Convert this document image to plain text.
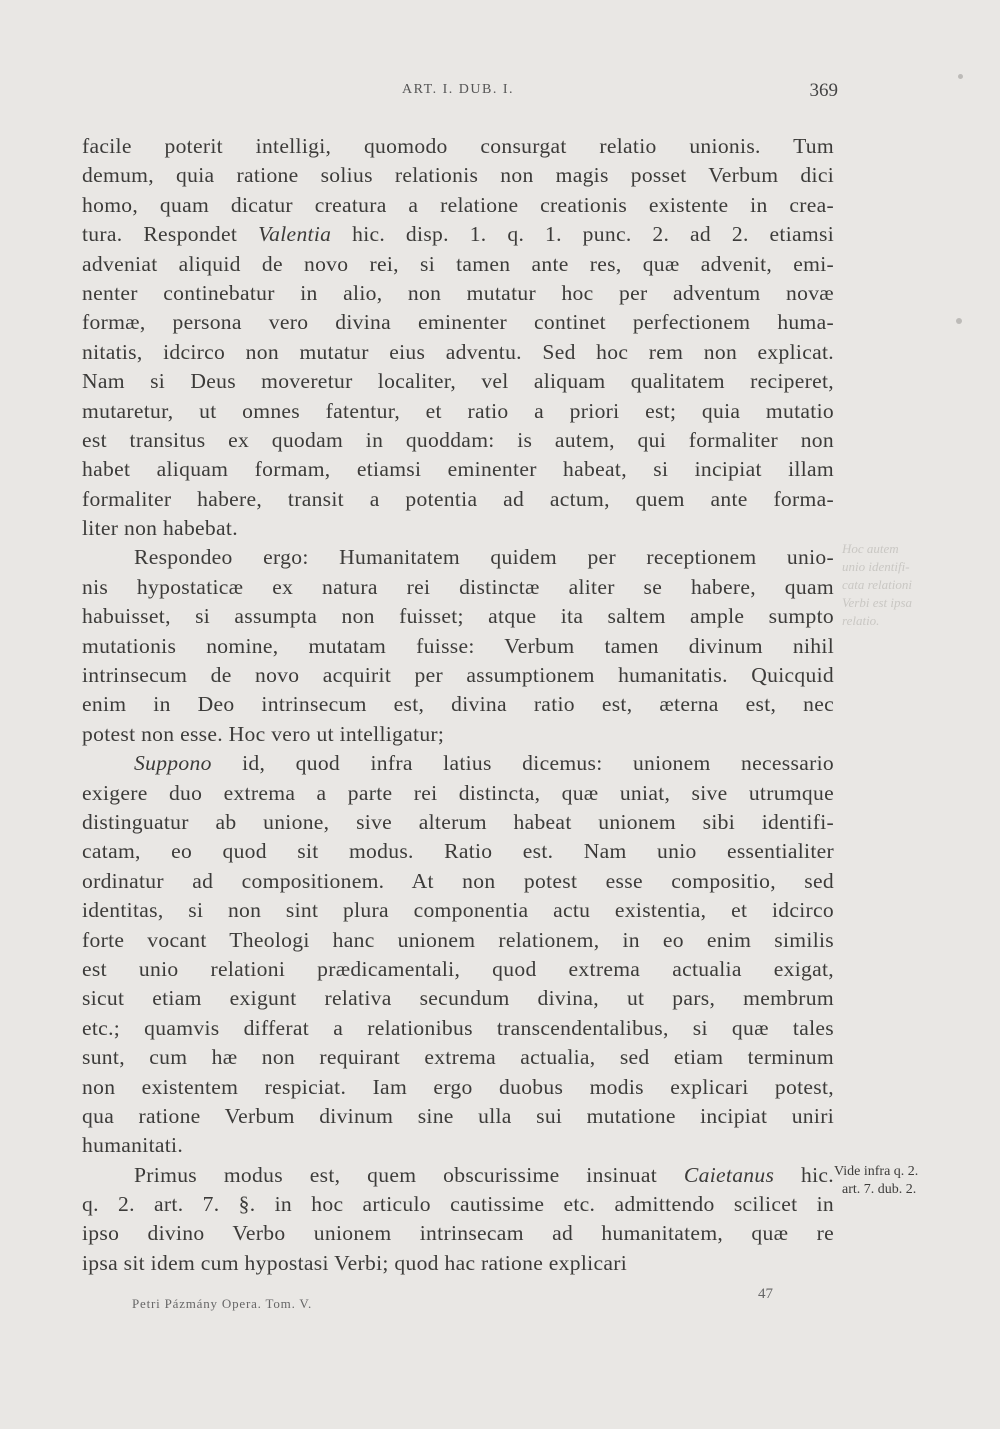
ART. I. DUB. I.	369
facile poterit intelligi, quomodo consurgat relatio unionis. Tum
demum, quia ratione solius relationis non magis posset Verbum dici
homo, quam dicatur creatura a relatione creationis existente in crea-
tura. Respondet Valentia hic. disp. 1. q. 1. punc. 2. ad 2. etiamsi
adveniat aliquid de novo rei, si tamen ante res, quæ advenit, emi-
nenter continebatur in alio, non mutatur hoc per adventum novæ
formæ, persona vero divina eminenter continet perfectionem huma-
nitatis, idcirco non mutatur eius adventu. Sed hoc rem non explicat.
Nam si Deus moveretur localiter, vel aliquam qualitatem reciperet,
mutaretur, ut omnes fatentur, et ratio a priori est; quia mutatio
est transitus ex quodam in quoddam: is autem, qui formaliter non
habet aliquam formam, etiamsi eminenter habeat, si incipiat illam
formaliter habere, transit a potentia ad actum, quem ante forma-
liter non habebat.
Respondeo ergo: Humanitatem quidem per receptionem unio-
nis hypostaticæ ex natura rei distinctæ aliter se habere, quam
habuisset, si assumpta non fuisset; atque ita saltem ample sumpto
mutationis nomine, mutatam fuisse: Verbum tamen divinum nihil
intrinsecum de novo acquirit per assumptionem humanitatis. Quicquid
enim in Deo intrinsecum est, divina ratio est, æterna est, nec
potest non esse. Hoc vero ut intelligatur;
Suppono id, quod infra latius dicemus: unionem necessario
exigere duo extrema a parte rei distincta, quæ uniat, sive utrumque
distinguatur ab unione, sive alterum habeat unionem sibi identifi-
catam, eo quod sit modus. Ratio est. Nam unio essentialiter
ordinatur ad compositionem. At non potest esse compositio, sed
identitas, si non sint plura componentia actu existentia, et idcirco
forte vocant Theologi hanc unionem relationem, in eo enim similis
est unio relationi prædicamentali, quod extrema actualia exigat,
sicut etiam exigunt relativa secundum divina, ut pars, membrum
etc.; quamvis differat a relationibus transcendentalibus, si quæ tales
sunt, cum hæ non requirant extrema actualia, sed etiam terminum
non existentem respiciat. Iam ergo duobus modis explicari potest,
qua ratione Verbum divinum sine ulla sui mutatione incipiat uniri
humanitati.
Primus modus est, quem obscurissime insinuat Caietanus hic.
q. 2. art. 7. §. in hoc articulo cautissime etc. admittendo scilicet in
ipso divino Verbo unionem intrinsecam ad humanitatem, quæ re
ipsa sit idem cum hypostasi Verbi; quod hac ratione explicari
Hoc autem
unio identifi-
cata relationi
Verbi est ipsa
relatio.
Vide infra q. 2.
art. 7. dub. 2.
Petri Pázmány Opera. Tom. V.
47
